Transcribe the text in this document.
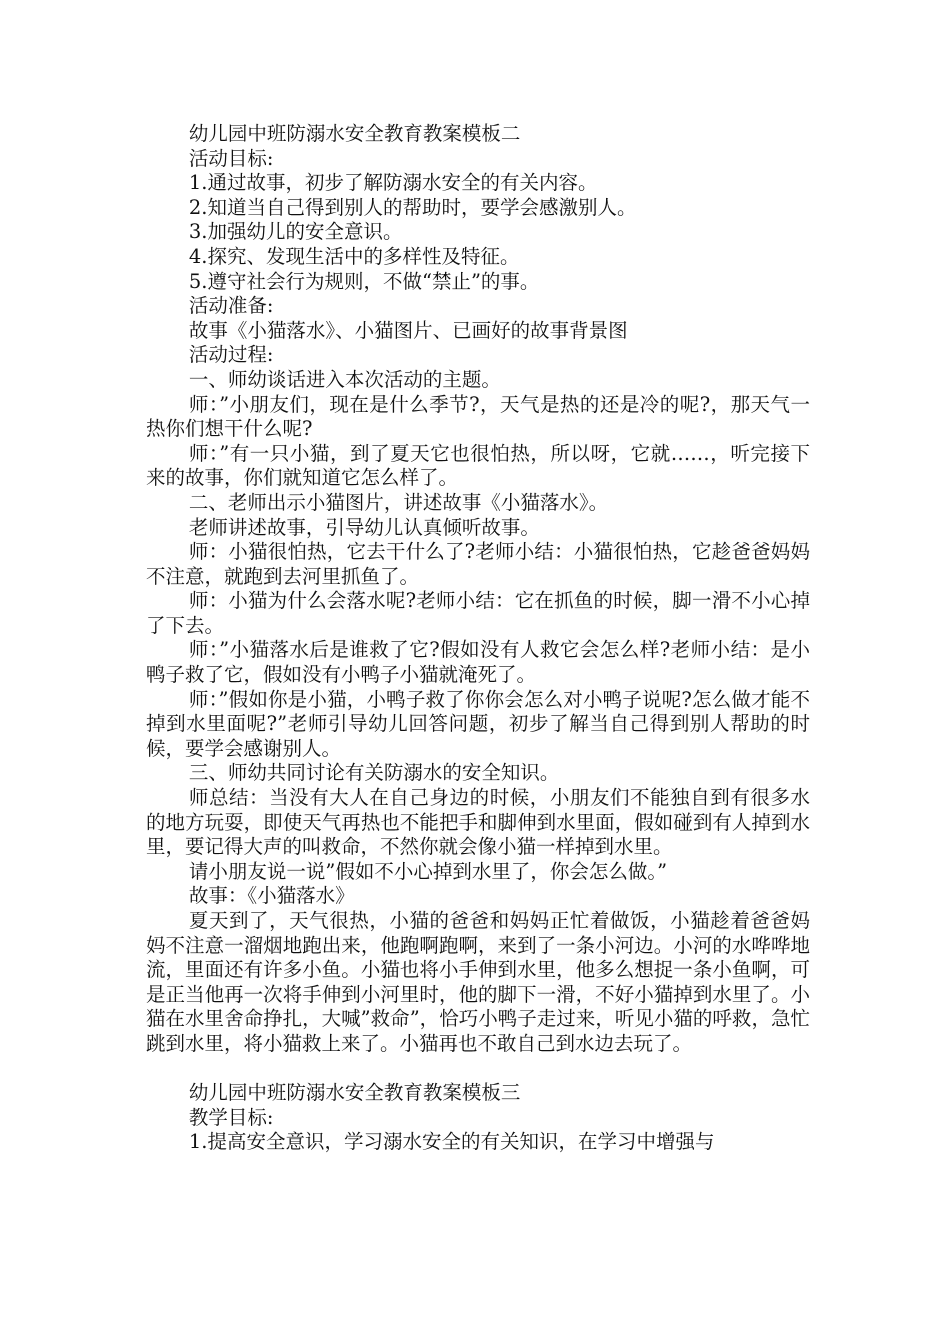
幼儿园中班防溺水安全教育教案模板二

活动目标:

1.通过故事，初步了解防溺水安全的有关内容。

2.知道当自己得到别人的帮助时，要学会感激别人。

3.加强幼儿的安全意识。

4.探究、发现生活中的多样性及特征。

5.遵守社会行为规则，不做“禁止”的事。

活动准备:

故事《小猫落水》、小猫图片、已画好的故事背景图

活动过程:

一、师幼谈话进入本次活动的主题。

师：”小朋友们，现在是什么季节?，天气是热的还是冷的呢?，那天气一热你们想干什么呢?

师：”有一只小猫，到了夏天它也很怕热，所以呀，它就……，听完接下来的故事，你们就知道它怎么样了。

二、老师出示小猫图片，讲述故事《小猫落水》。

老师讲述故事，引导幼儿认真倾听故事。

师：小猫很怕热，它去干什么了?老师小结：小猫很怕热，它趁爸爸妈妈不注意，就跑到去河里抓鱼了。

师：小猫为什么会落水呢?老师小结：它在抓鱼的时候，脚一滑不小心掉了下去。

师：”小猫落水后是谁救了它?假如没有人救它会怎么样?老师小结：是小鸭子救了它，假如没有小鸭子小猫就淹死了。

师：”假如你是小猫，小鸭子救了你你会怎么对小鸭子说呢?怎么做才能不掉到水里面呢?”老师引导幼儿回答问题，初步了解当自己得到别人帮助的时候，要学会感谢别人。

三、师幼共同讨论有关防溺水的安全知识。

师总结：当没有大人在自己身边的时候，小朋友们不能独自到有很多水的地方玩耍，即使天气再热也不能把手和脚伸到水里面，假如碰到有人掉到水里，要记得大声的叫救命，不然你就会像小猫一样掉到水里。

请小朋友说一说”假如不小心掉到水里了，你会怎么做。”

故事：《小猫落水》

夏天到了，天气很热，小猫的爸爸和妈妈正忙着做饭，小猫趁着爸爸妈妈不注意一溜烟地跑出来，他跑啊跑啊，来到了一条小河边。小河的水哗哗地流，里面还有许多小鱼。小猫也将小手伸到水里，他多么想捉一条小鱼啊，可是正当他再一次将手伸到小河里时，他的脚下一滑，不好小猫掉到水里了。小猫在水里舍命挣扎，大喊”救命”，恰巧小鸭子走过来，听见小猫的呼救，急忙跳到水里，将小猫救上来了。小猫再也不敢自己到水边去玩了。

幼儿园中班防溺水安全教育教案模板三

教学目标:

1.提高安全意识，学习溺水安全的有关知识，在学习中增强与
